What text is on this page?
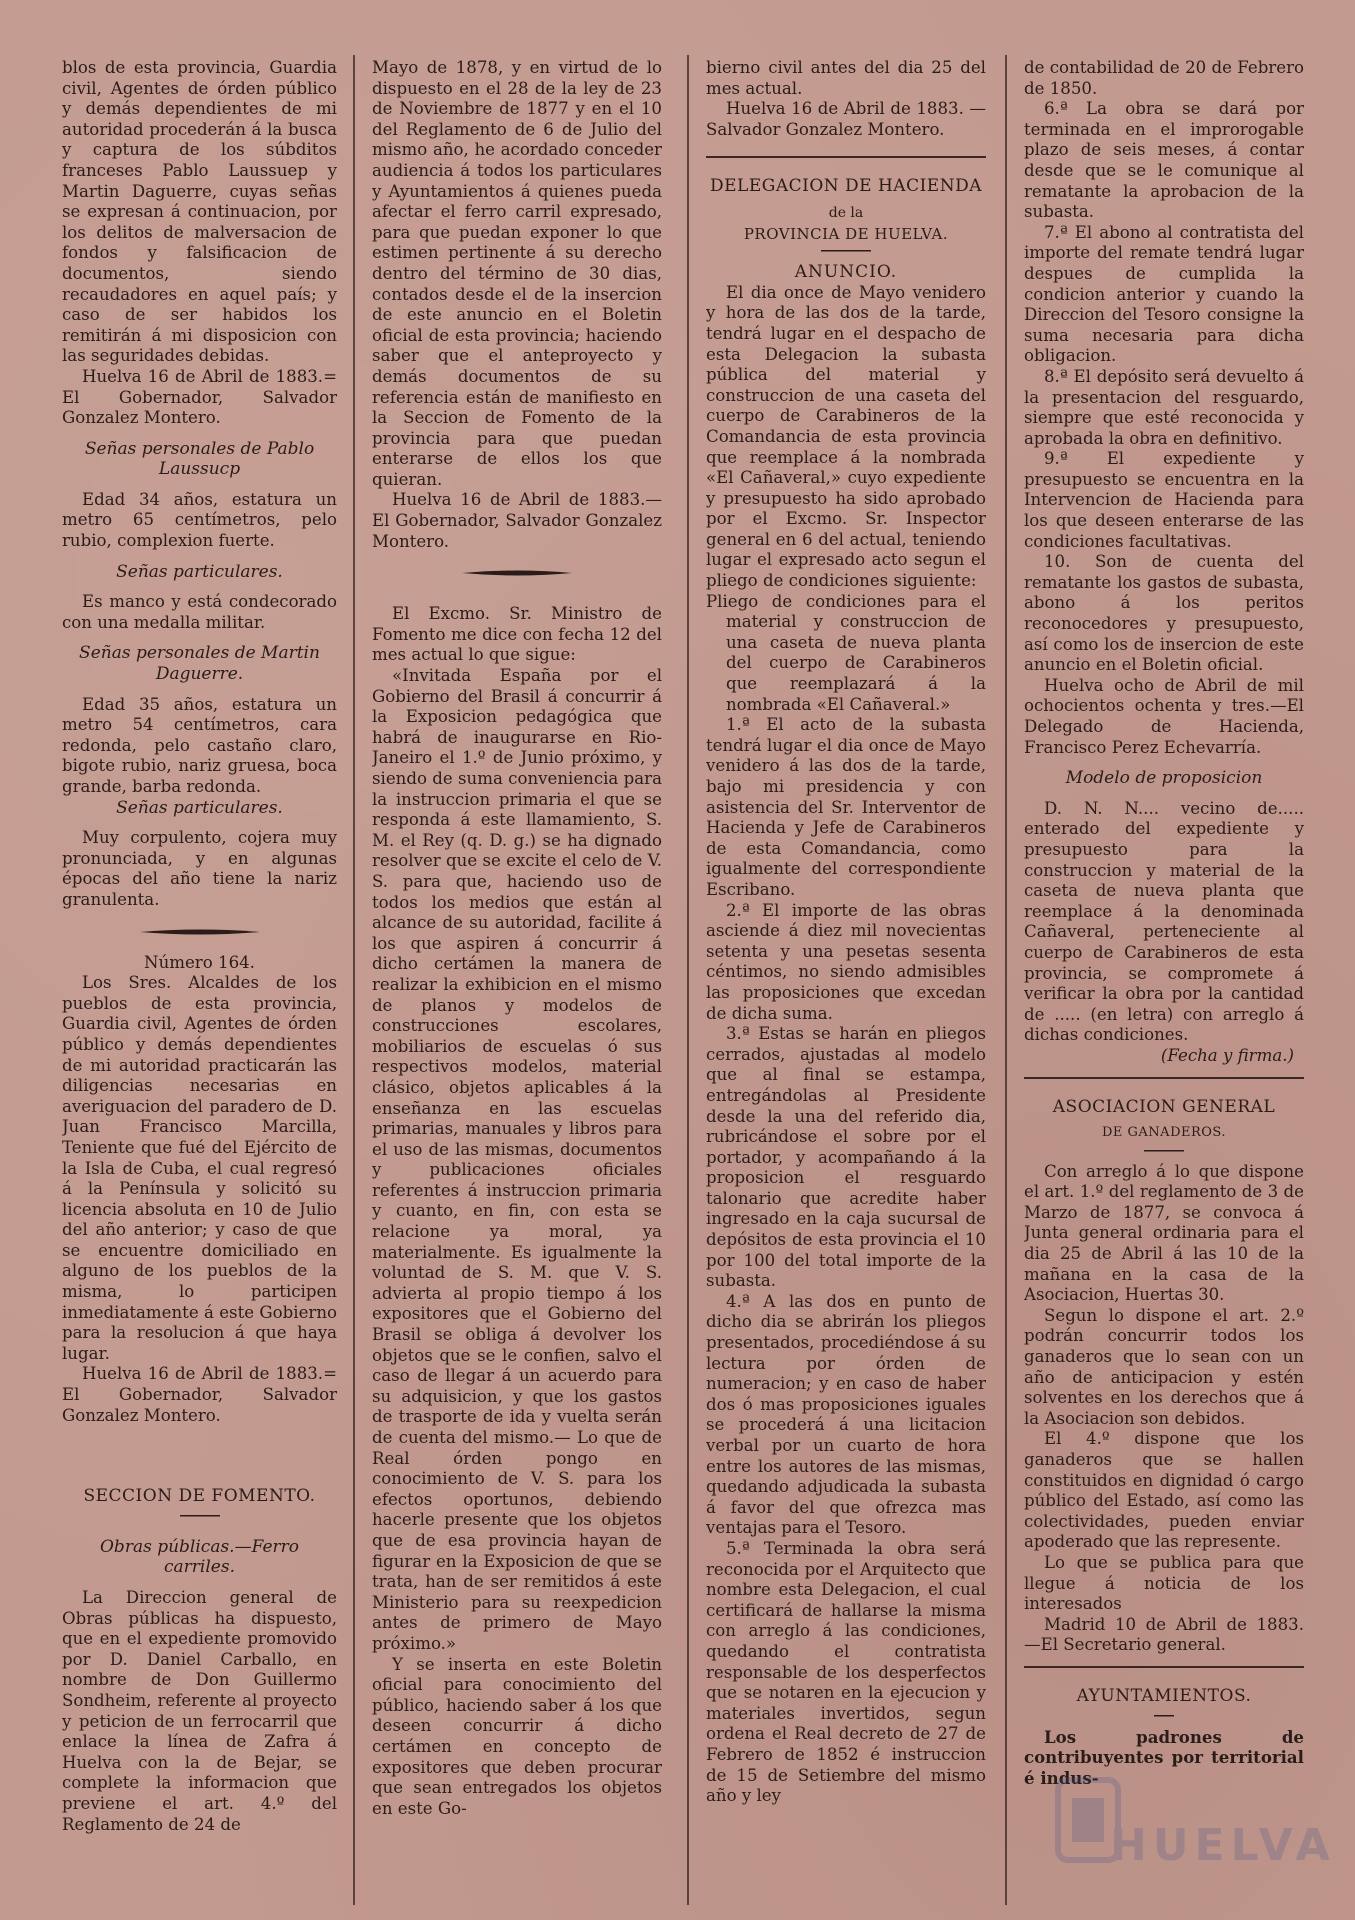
blos de esta provincia, Guardia civil, Agentes de órden público y demás dependientes de mi autoridad procederán á la busca y captura de los súbditos franceses Pablo Laussuep y Martin Daguerre, cuyas señas se expresan á continuacion, por los delitos de malversacion de fondos y falsificacion de documentos, siendo recaudadores en aquel país; y caso de ser habidos los remitirán á mi disposicion con las seguridades debidas.

Huelva 16 de Abril de 1883.= El Gobernador, Salvador Gonzalez Montero.

Señas personales de Pablo Laussucp

Edad 34 años, estatura un metro 65 centímetros, pelo rubio, complexion fuerte.

Señas particulares.

Es manco y está condecorado con una medalla militar.

Señas personales de Martin Daguerre.

Edad 35 años, estatura un metro 54 centímetros, cara redonda, pelo castaño claro, bigote rubio, nariz gruesa, boca grande, barba redonda.

Señas particulares.

Muy corpulento, cojera muy pronunciada, y en algunas épocas del año tiene la nariz granulenta.

Número 164.

Los Sres. Alcaldes de los pueblos de esta provincia, Guardia civil, Agentes de órden público y demás dependientes de mi autoridad practicarán las diligencias necesarias en averiguacion del paradero de D. Juan Francisco Marcilla, Teniente que fué del Ejército de la Isla de Cuba, el cual regresó á la Península y solicitó su licencia absoluta en 10 de Julio del año anterior; y caso de que se encuentre domiciliado en alguno de los pueblos de la misma, lo participen inmediatamente á este Gobierno para la resolucion á que haya lugar.

Huelva 16 de Abril de 1883.= El Gobernador, Salvador Gonzalez Montero.

SECCION DE FOMENTO.

Obras públicas.—Ferro carriles.

La Direccion general de Obras públicas ha dispuesto, que en el expediente promovido por D. Daniel Carballo, en nombre de Don Guillermo Sondheim, referente al proyecto y peticion de un ferrocarril que enlace la línea de Zafra á Huelva con la de Bejar, se complete la informacion que previene el art. 4.º del Reglamento de 24 de

Mayo de 1878, y en virtud de lo dispuesto en el 28 de la ley de 23 de Noviembre de 1877 y en el 10 del Reglamento de 6 de Julio del mismo año, he acordado conceder audiencia á todos los particulares y Ayuntamientos á quienes pueda afectar el ferro carril expresado, para que puedan exponer lo que estimen pertinente á su derecho dentro del término de 30 dias, contados desde el de la insercion de este anuncio en el Boletin oficial de esta provincia; haciendo saber que el anteproyecto y demás documentos de su referencia están de manifiesto en la Seccion de Fomento de la provincia para que puedan enterarse de ellos los que quieran.

Huelva 16 de Abril de 1883.— El Gobernador, Salvador Gonzalez Montero.

El Excmo. Sr. Ministro de Fomento me dice con fecha 12 del mes actual lo que sigue:

«Invitada España por el Gobierno del Brasil á concurrir á la Exposicion pedagógica que habrá de inaugurarse en Rio-Janeiro el 1.º de Junio próximo, y siendo de suma conveniencia para la instruccion primaria el que se responda á este llamamiento, S. M. el Rey (q. D. g.) se ha dignado resolver que se excite el celo de V. S. para que, haciendo uso de todos los medios que están al alcance de su autoridad, facilite á los que aspiren á concurrir á dicho certámen la manera de realizar la exhibicion en el mismo de planos y modelos de construcciones escolares, mobiliarios de escuelas ó sus respectivos modelos, material clásico, objetos aplicables á la enseñanza en las escuelas primarias, manuales y libros para el uso de las mismas, documentos y publicaciones oficiales referentes á instruccion primaria y cuanto, en fin, con esta se relacione ya moral, ya materialmente. Es igualmente la voluntad de S. M. que V. S. advierta al propio tiempo á los expositores que el Gobierno del Brasil se obliga á devolver los objetos que se le confien, salvo el caso de llegar á un acuerdo para su adquisicion, y que los gastos de trasporte de ida y vuelta serán de cuenta del mismo.— Lo que de Real órden pongo en conocimiento de V. S. para los efectos oportunos, debiendo hacerle presente que los objetos que de esa provincia hayan de figurar en la Exposicion de que se trata, han de ser remitidos á este Ministerio para su reexpedicion antes de primero de Mayo próximo.»

Y se inserta en este Boletin oficial para conocimiento del público, haciendo saber á los que deseen concurrir á dicho certámen en concepto de expositores que deben procurar que sean entregados los objetos en este Go-

bierno civil antes del dia 25 del mes actual.

Huelva 16 de Abril de 1883. —Salvador Gonzalez Montero.

DELEGACION DE HACIENDA

de la

PROVINCIA DE HUELVA.

ANUNCIO.

El dia once de Mayo venidero y hora de las dos de la tarde, tendrá lugar en el despacho de esta Delegacion la subasta pública del material y construccion de una caseta del cuerpo de Carabineros de la Comandancia de esta provincia que reemplace á la nombrada «El Cañaveral,» cuyo expediente y presupuesto ha sido aprobado por el Excmo. Sr. Inspector general en 6 del actual, teniendo lugar el expresado acto segun el pliego de condiciones siguiente:

Pliego de condiciones para el material y construccion de una caseta de nueva planta del cuerpo de Carabineros que reemplazará á la nombrada «El Cañaveral.»

1.ª El acto de la subasta tendrá lugar el dia once de Mayo venidero á las dos de la tarde, bajo mi presidencia y con asistencia del Sr. Interventor de Hacienda y Jefe de Carabineros de esta Comandancia, como igualmente del correspondiente Escribano.

2.ª El importe de las obras asciende á diez mil novecientas setenta y una pesetas sesenta céntimos, no siendo admisibles las proposiciones que excedan de dicha suma.

3.ª Estas se harán en pliegos cerrados, ajustadas al modelo que al final se estampa, entregándolas al Presidente desde la una del referido dia, rubricándose el sobre por el portador, y acompañando á la proposicion el resguardo talonario que acredite haber ingresado en la caja sucursal de depósitos de esta provincia el 10 por 100 del total importe de la subasta.

4.ª A las dos en punto de dicho dia se abrirán los pliegos presentados, procediéndose á su lectura por órden de numeracion; y en caso de haber dos ó mas proposiciones iguales se procederá á una licitacion verbal por un cuarto de hora entre los autores de las mismas, quedando adjudicada la subasta á favor del que ofrezca mas ventajas para el Tesoro.

5.ª Terminada la obra será reconocida por el Arquitecto que nombre esta Delegacion, el cual certificará de hallarse la misma con arreglo á las condiciones, quedando el contratista responsable de los desperfectos que se notaren en la ejecucion y materiales invertidos, segun ordena el Real decreto de 27 de Febrero de 1852 é instruccion de 15 de Setiembre del mismo año y ley

de contabilidad de 20 de Febrero de 1850.

6.ª La obra se dará por terminada en el improrogable plazo de seis meses, á contar desde que se le comunique al rematante la aprobacion de la subasta.

7.ª El abono al contratista del importe del remate tendrá lugar despues de cumplida la condicion anterior y cuando la Direccion del Tesoro consigne la suma necesaria para dicha obligacion.

8.ª El depósito será devuelto á la presentacion del resguardo, siempre que esté reconocida y aprobada la obra en definitivo.

9.ª El expediente y presupuesto se encuentra en la Intervencion de Hacienda para los que deseen enterarse de las condiciones facultativas.

10. Son de cuenta del rematante los gastos de subasta, abono á los peritos reconocedores y presupuesto, así como los de insercion de este anuncio en el Boletin oficial.

Huelva ocho de Abril de mil ochocientos ochenta y tres.—El Delegado de Hacienda, Francisco Perez Echevarría.

Modelo de proposicion

D. N. N.... vecino de..... enterado del expediente y presupuesto para la construccion y material de la caseta de nueva planta que reemplace á la denominada Cañaveral, perteneciente al cuerpo de Carabineros de esta provincia, se compromete á verificar la obra por la cantidad de ..... (en letra) con arreglo á dichas condiciones.

(Fecha y firma.)

ASOCIACION GENERAL

DE GANADEROS.

Con arreglo á lo que dispone el art. 1.º del reglamento de 3 de Marzo de 1877, se convoca á Junta general ordinaria para el dia 25 de Abril á las 10 de la mañana en la casa de la Asociacion, Huertas 30.

Segun lo dispone el art. 2.º podrán concurrir todos los ganaderos que lo sean con un año de anticipacion y estén solventes en los derechos que á la Asociacion son debidos.

El 4.º dispone que los ganaderos que se hallen constituidos en dignidad ó cargo público del Estado, así como las colectividades, pueden enviar apoderado que las represente.

Lo que se publica para que llegue á noticia de los interesados

Madrid 10 de Abril de 1883. —El Secretario general.

AYUNTAMIENTOS.

Los padrones de contribuyentes por territorial é indus-

HUELVA
